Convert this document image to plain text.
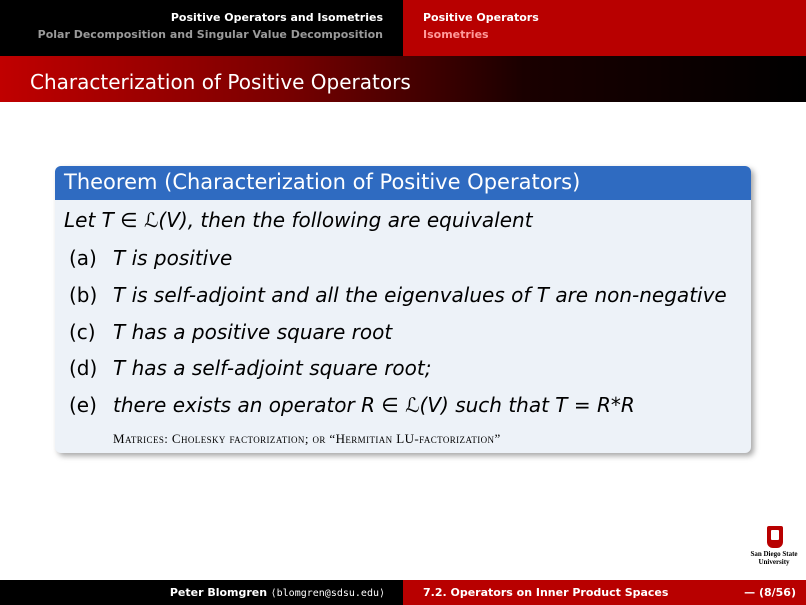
Positive Operators and Isometries
Polar Decomposition and Singular Value Decomposition
Positive Operators
Isometries
Characterization of Positive Operators
Theorem (Characterization of Positive Operators)
Let T ∈ ℒ(V), then the following are equivalent
(a) T is positive
(b) T is self-adjoint and all the eigenvalues of T are non-negative
(c) T has a positive square root
(d) T has a self-adjoint square root;
(e) there exists an operator R ∈ ℒ(V) such that T = R*R
Matrices: Cholesky factorization; or “Hermitian LU-factorization”
San Diego State
University
Peter Blomgren ⟨blomgren@sdsu.edu⟩	7.2. Operators on Inner Product Spaces	— (8/56)
